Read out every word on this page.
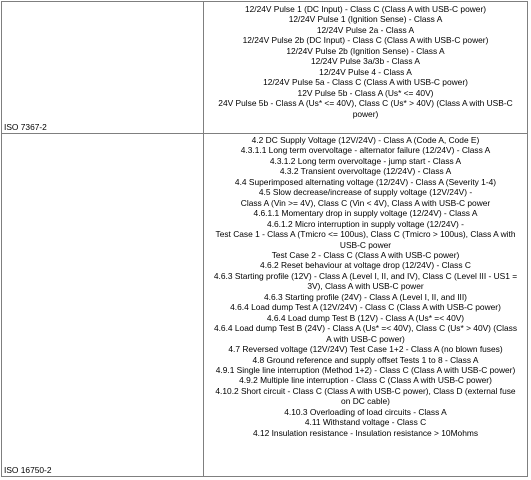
ISO 7367-2
12/24V Pulse 1 (DC Input) - Class C (Class A with USB-C power)
12/24V Pulse 1 (Ignition Sense) - Class A
12/24V Pulse 2a - Class A
12/24V Pulse 2b (DC Input) - Class C (Class A with USB-C power)
12/24V Pulse 2b (Ignition Sense) - Class A
12/24V Pulse 3a/3b - Class A
12/24V Pulse 4 - Class A
12/24V Pulse 5a - Class C (Class A with USB-C power)
12V Pulse 5b - Class A (Us* <= 40V)
24V Pulse 5b - Class A (Us* <= 40V), Class C (Us* > 40V) (Class A with USB-C
power)
ISO 16750-2
4.2 DC Supply Voltage (12V/24V) - Class A (Code A, Code E)
4.3.1.1 Long term overvoltage - alternator failure (12/24V) - Class A
4.3.1.2 Long term overvoltage - jump start - Class A
4.3.2 Transient overvoltage (12/24V) - Class A
4.4 Superimposed alternating voltage (12/24V) - Class A (Severity 1-4)
4.5 Slow decrease/increase of supply voltage (12V/24V) -
Class A (Vin >= 4V), Class C (Vin < 4V), Class A with USB-C power
4.6.1.1 Momentary drop in supply voltage (12/24V) - Class A
4.6.1.2 Micro interruption in supply voltage (12/24V) -
Test Case 1 - Class A (Tmicro <= 100us), Class C (Tmicro > 100us), Class A with
USB-C power
Test Case 2 - Class C (Class A with USB-C power)
4.6.2 Reset behaviour at voltage drop (12/24V) - Class C
4.6.3 Starting profile (12V) - Class A (Level I, II, and IV), Class C (Level III - US1 =
3V), Class A with USB-C power
4.6.3 Starting profile (24V) - Class A (Level I, II, and III)
4.6.4 Load dump Test A (12V/24V) - Class C (Class A with USB-C power)
4.6.4 Load dump Test B (12V) - Class A (Us* =< 40V)
4.6.4 Load dump Test B (24V) - Class A (Us* =< 40V), Class C (Us* > 40V) (Class
A with USB-C power)
4.7 Reversed voltage (12V/24V) Test Case 1+2 - Class A (no blown fuses)
4.8 Ground reference and supply offset Tests 1 to 8 - Class A
4.9.1 Single line interruption (Method 1+2) - Class C (Class A with USB-C power)
4.9.2 Multiple line interruption - Class C (Class A with USB-C power)
4.10.2 Short circuit - Class C (Class A with USB-C power), Class D (external fuse
on DC cable)
4.10.3 Overloading of load circuits - Class A
4.11 Withstand voltage - Class C
4.12 Insulation resistance - Insulation resistance > 10Mohms
